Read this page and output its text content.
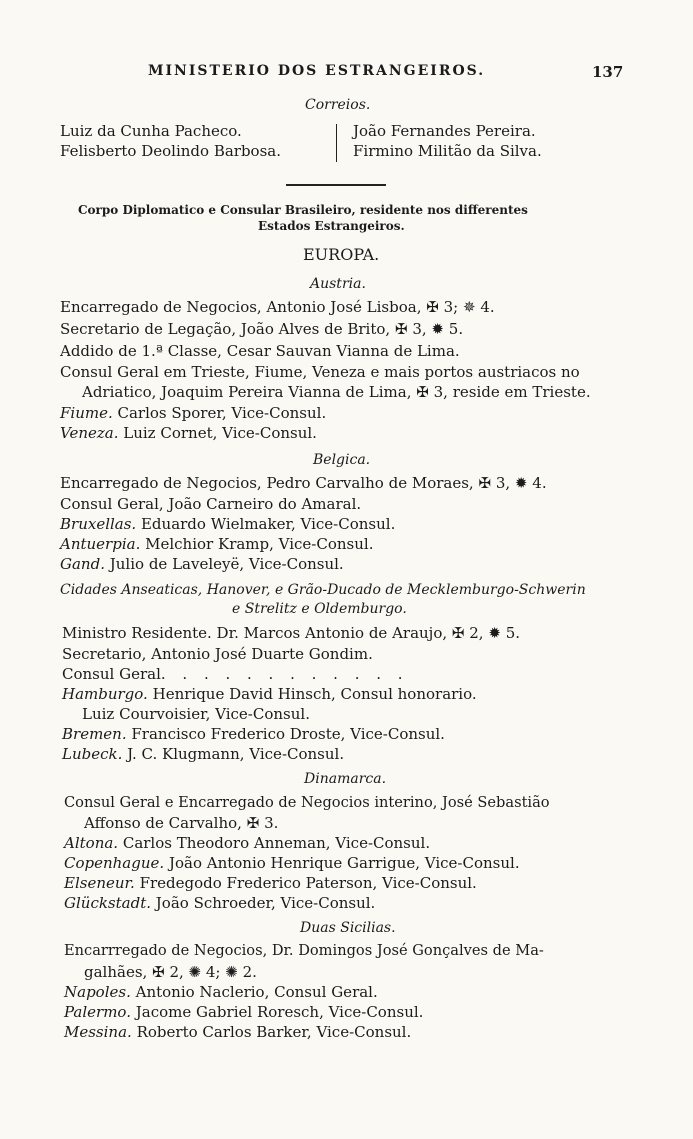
MINISTERIO DOS ESTRANGEIROS.	137
Correios.
Luiz da Cunha Pacheco.
Felisberto Deolindo Barbosa.
João Fernandes Pereira.
Firmino Militão da Silva.
Corpo Diplomatico e Consular Brasileiro, residente nos differentes
Estados Estrangeiros.
EUROPA.
Austria.
Encarregado de Negocios, Antonio José Lisboa, ✠ 3; ✵ 4.
Secretario de Legação, João Alves de Brito, ✠ 3, ✹ 5.
Addido de 1.ª Classe, Cesar Sauvan Vianna de Lima.
Consul Geral em Trieste, Fiume, Veneza e mais portos austriacos no
Adriatico, Joaquim Pereira Vianna de Lima, ✠ 3, reside em Trieste.
Fiume. Carlos Sporer, Vice-Consul.
Veneza. Luiz Cornet, Vice-Consul.
Belgica.
Encarregado de Negocios, Pedro Carvalho de Moraes, ✠ 3, ✹ 4.
Consul Geral, João Carneiro do Amaral.
Bruxellas. Eduardo Wielmaker, Vice-Consul.
Antuerpia. Melchior Kramp, Vice-Consul.
Gand. Julio de Laveleyë, Vice-Consul.
Cidades Anseaticas, Hanover, e Grão-Ducado de Mecklemburgo-Schwerin
e Strelitz e Oldemburgo.
Ministro Residente. Dr. Marcos Antonio de Araujo, ✠ 2, ✹ 5.
Secretario, Antonio José Duarte Gondim.
Consul Geral. . . . . . . . . . . .
Hamburgo. Henrique David Hinsch, Consul honorario.
Luiz Courvoisier, Vice-Consul.
Bremen. Francisco Frederico Droste, Vice-Consul.
Lubeck. J. C. Klugmann, Vice-Consul.
Dinamarca.
Consul Geral e Encarregado de Negocios interino, José Sebastião
Affonso de Carvalho, ✠ 3.
Altona. Carlos Theodoro Anneman, Vice-Consul.
Copenhague. João Antonio Henrique Garrigue, Vice-Consul.
Elseneur. Fredegodo Frederico Paterson, Vice-Consul.
Glückstadt. João Schroeder, Vice-Consul.
Duas Sicilias.
Encarrregado de Negocios, Dr. Domingos José Gonçalves de Ma-
galhães, ✠ 2, ✺ 4; ✺ 2.
Napoles. Antonio Naclerio, Consul Geral.
Palermo. Jacome Gabriel Roresch, Vice-Consul.
Messina. Roberto Carlos Barker, Vice-Consul.
